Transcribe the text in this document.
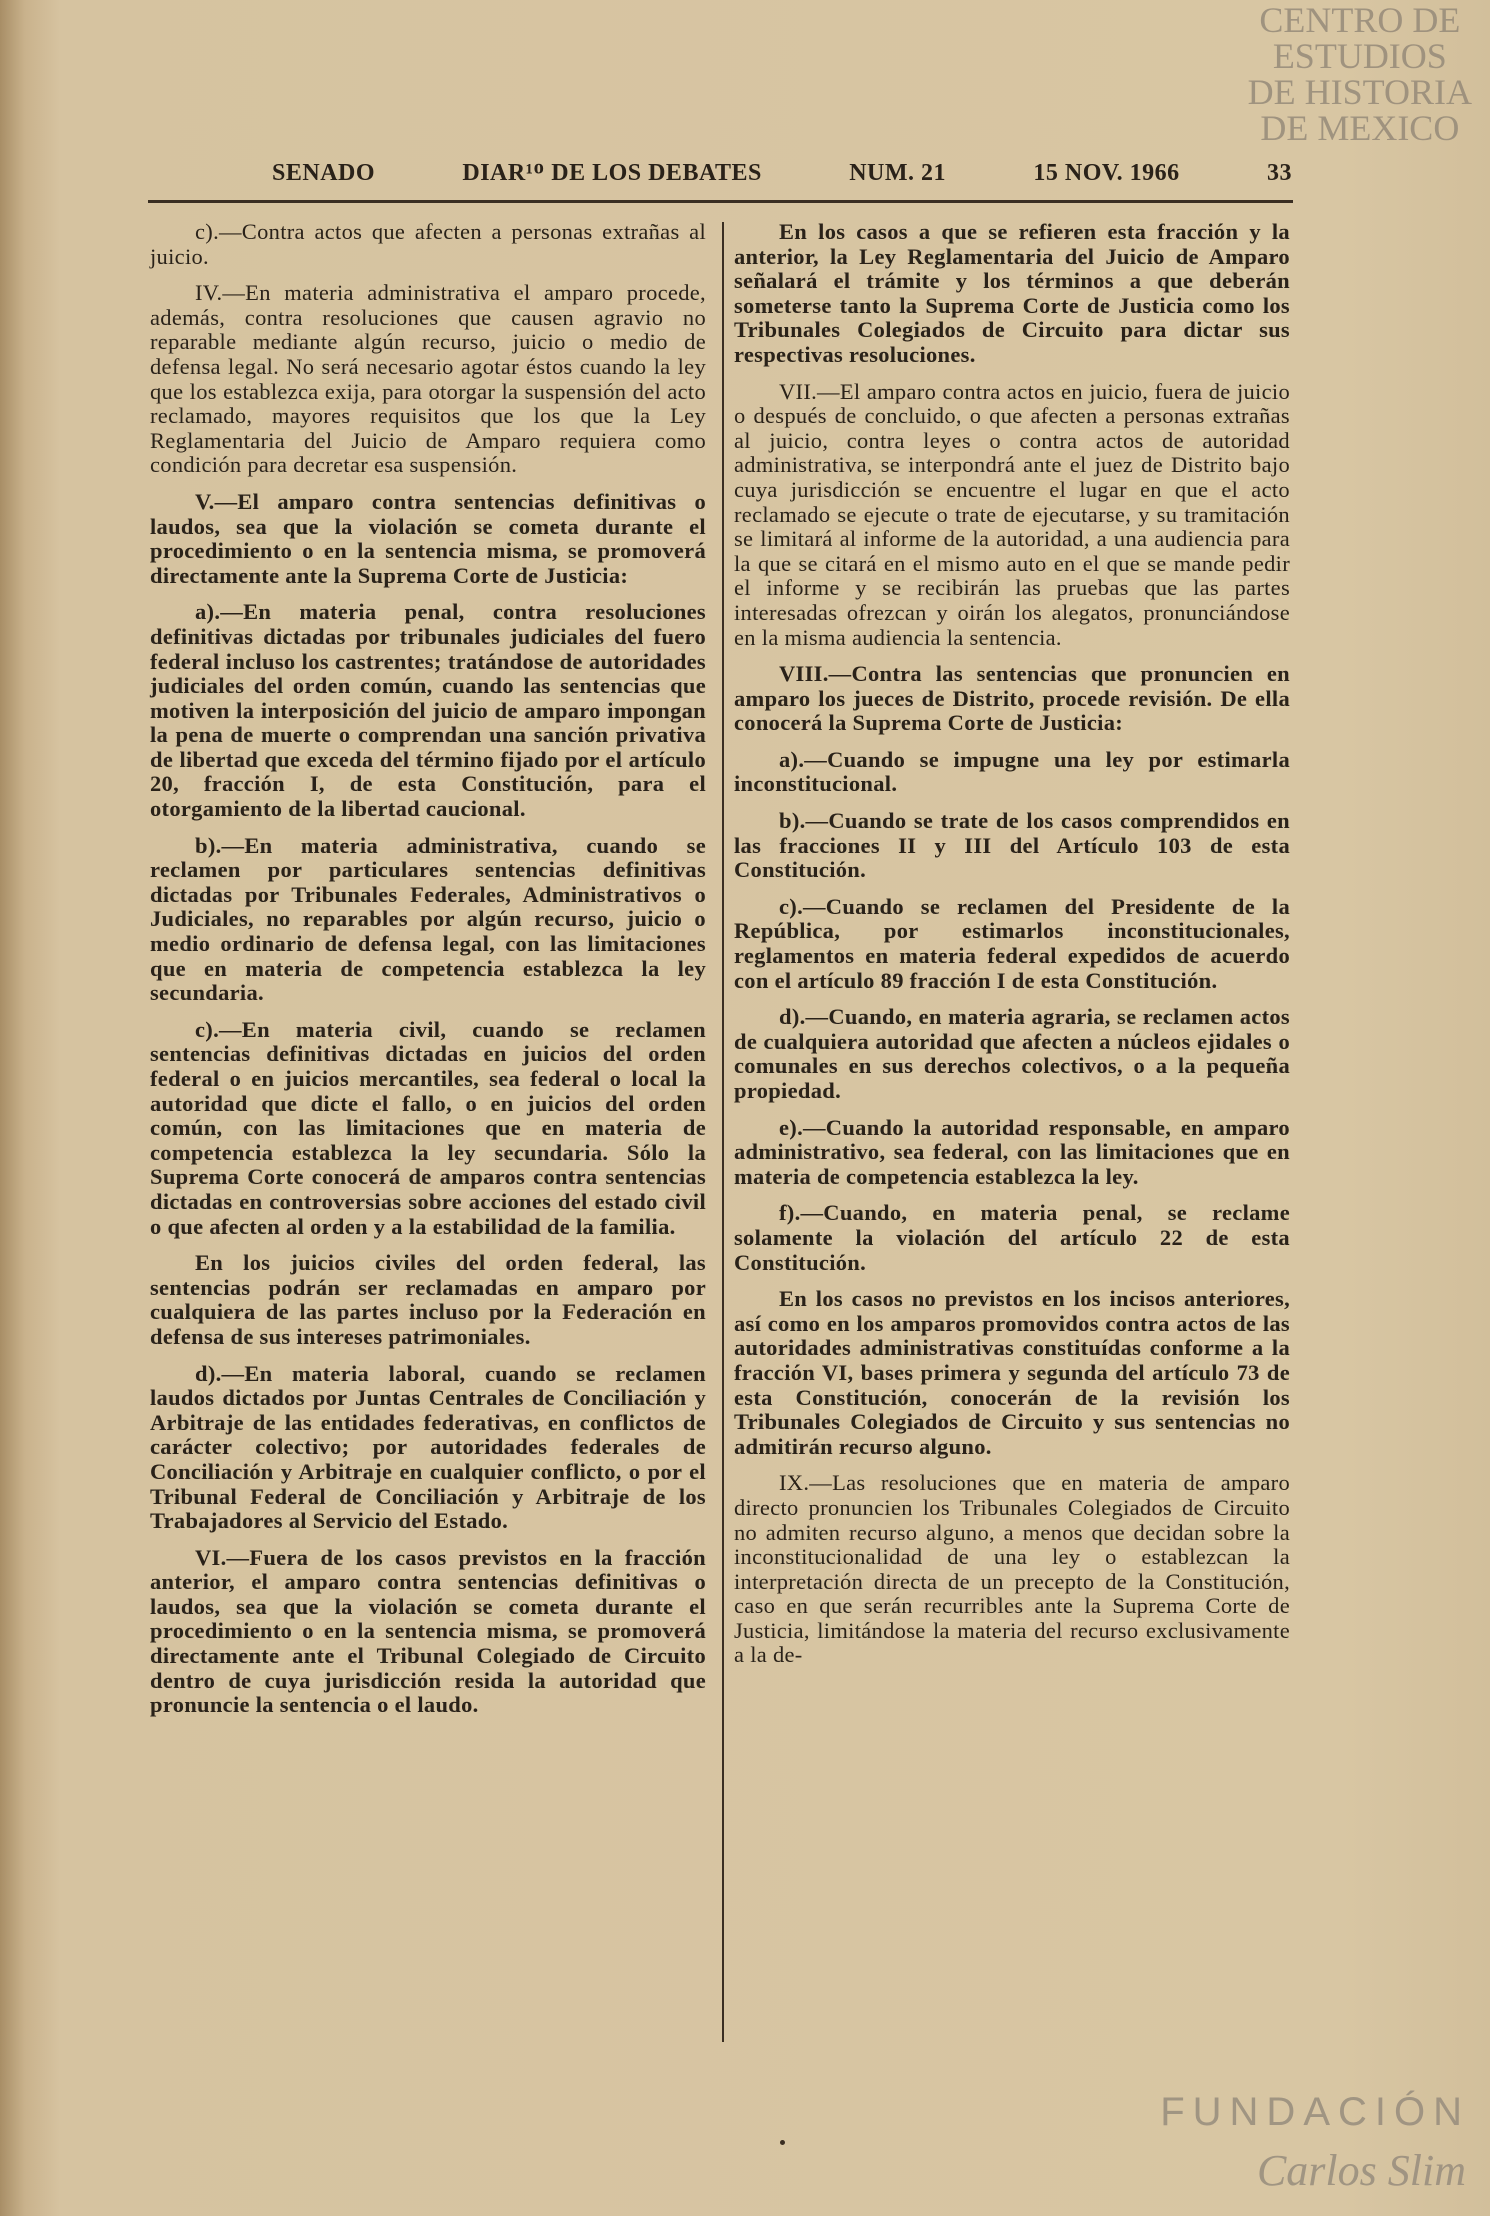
CENTRO DE
ESTUDIOS
DE HISTORIA
DE MEXICO
FUNDACIÓN
Carlos Slim
SENADO	DIAR¹ᴼ DE LOS DEBATES	NUM. 21	15 NOV. 1966	33

c).—Contra actos que afecten a personas extrañas al juicio.

IV.—En materia administrativa el amparo procede, además, contra resoluciones que causen agravio no reparable mediante algún recurso, juicio o medio de defensa legal. No será necesario agotar éstos cuando la ley que los establezca exija, para otorgar la suspensión del acto reclamado, mayores requisitos que los que la Ley Reglamentaria del Juicio de Amparo requiera como condición para decretar esa suspensión.

V.—El amparo contra sentencias definitivas o laudos, sea que la violación se cometa durante el procedimiento o en la sentencia misma, se promoverá directamente ante la Suprema Corte de Justicia:

a).—En materia penal, contra resoluciones definitivas dictadas por tribunales judiciales del fuero federal incluso los castrentes; tratándose de autoridades judiciales del orden común, cuando las sentencias que motiven la interposición del juicio de amparo impongan la pena de muerte o comprendan una sanción privativa de libertad que exceda del término fijado por el artículo 20, fracción I, de esta Constitución, para el otorgamiento de la libertad caucional.

b).—En materia administrativa, cuando se reclamen por particulares sentencias definitivas dictadas por Tribunales Federales, Administrativos o Judiciales, no reparables por algún recurso, juicio o medio ordinario de defensa legal, con las limitaciones que en materia de competencia establezca la ley secundaria.

c).—En materia civil, cuando se reclamen sentencias definitivas dictadas en juicios del orden federal o en juicios mercantiles, sea federal o local la autoridad que dicte el fallo, o en juicios del orden común, con las limitaciones que en materia de competencia establezca la ley secundaria. Sólo la Suprema Corte conocerá de amparos contra sentencias dictadas en controversias sobre acciones del estado civil o que afecten al orden y a la estabilidad de la familia.

En los juicios civiles del orden federal, las sentencias podrán ser reclamadas en amparo por cualquiera de las partes incluso por la Federación en defensa de sus intereses patrimoniales.

d).—En materia laboral, cuando se reclamen laudos dictados por Juntas Centrales de Conciliación y Arbitraje de las entidades federativas, en conflictos de carácter colectivo; por autoridades federales de Conciliación y Arbitraje en cualquier conflicto, o por el Tribunal Federal de Conciliación y Arbitraje de los Trabajadores al Servicio del Estado.

VI.—Fuera de los casos previstos en la fracción anterior, el amparo contra sentencias definitivas o laudos, sea que la violación se cometa durante el procedimiento o en la sentencia misma, se promoverá directamente ante el Tribunal Colegiado de Circuito dentro de cuya jurisdicción resida la autoridad que pronuncie la sentencia o el laudo.

En los casos a que se refieren esta fracción y la anterior, la Ley Reglamentaria del Juicio de Amparo señalará el trámite y los términos a que deberán someterse tanto la Suprema Corte de Justicia como los Tribunales Colegiados de Circuito para dictar sus respectivas resoluciones.

VII.—El amparo contra actos en juicio, fuera de juicio o después de concluido, o que afecten a personas extrañas al juicio, contra leyes o contra actos de autoridad administrativa, se interpondrá ante el juez de Distrito bajo cuya jurisdicción se encuentre el lugar en que el acto reclamado se ejecute o trate de ejecutarse, y su tramitación se limitará al informe de la autoridad, a una audiencia para la que se citará en el mismo auto en el que se mande pedir el informe y se recibirán las pruebas que las partes interesadas ofrezcan y oirán los alegatos, pronunciándose en la misma audiencia la sentencia.

VIII.—Contra las sentencias que pronuncien en amparo los jueces de Distrito, procede revisión. De ella conocerá la Suprema Corte de Justicia:

a).—Cuando se impugne una ley por estimarla inconstitucional.

b).—Cuando se trate de los casos comprendidos en las fracciones II y III del Artículo 103 de esta Constitución.

c).—Cuando se reclamen del Presidente de la República, por estimarlos inconstitucionales, reglamentos en materia federal expedidos de acuerdo con el artículo 89 fracción I de esta Constitución.

d).—Cuando, en materia agraria, se reclamen actos de cualquiera autoridad que afecten a núcleos ejidales o comunales en sus derechos colectivos, o a la pequeña propiedad.

e).—Cuando la autoridad responsable, en amparo administrativo, sea federal, con las limitaciones que en materia de competencia establezca la ley.

f).—Cuando, en materia penal, se reclame solamente la violación del artículo 22 de esta Constitución.

En los casos no previstos en los incisos anteriores, así como en los amparos promovidos contra actos de las autoridades administrativas constituídas conforme a la fracción VI, bases primera y segunda del artículo 73 de esta Constitución, conocerán de la revisión los Tribunales Colegiados de Circuito y sus sentencias no admitirán recurso alguno.

IX.—Las resoluciones que en materia de amparo directo pronuncien los Tribunales Colegiados de Circuito no admiten recurso alguno, a menos que decidan sobre la inconstitucionalidad de una ley o establezcan la interpretación directa de un precepto de la Constitución, caso en que serán recurribles ante la Suprema Corte de Justicia, limitándose la materia del recurso exclusivamente a la de-
